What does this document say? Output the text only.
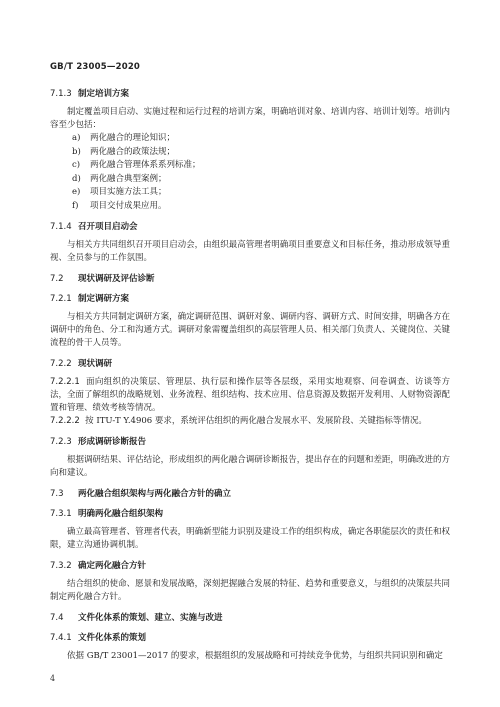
GB/T 23005—2020

7.1.3 制定培训方案

制定覆盖项目启动、实施过程和运行过程的培训方案，明确培训对象、培训内容、培训计划等。培训内容至少包括：

a) 两化融合的理论知识；
b) 两化融合的政策法规；
c) 两化融合管理体系系列标准；
d) 两化融合典型案例；
e) 项目实施方法工具；
f) 项目交付成果应用。

7.1.4 召开项目启动会

与相关方共同组织召开项目启动会，由组织最高管理者明确项目重要意义和目标任务，推动形成领导重视、全员参与的工作氛围。

7.2 现状调研及评估诊断

7.2.1 制定调研方案

与相关方共同制定调研方案，确定调研范围、调研对象、调研内容、调研方式、时间安排，明确各方在调研中的角色、分工和沟通方式。调研对象需覆盖组织的高层管理人员、相关部门负责人、关键岗位、关键流程的骨干人员等。

7.2.2 现状调研

7.2.2.1 面向组织的决策层、管理层、执行层和操作层等各层级，采用实地观察、问卷调查、访谈等方法，全面了解组织的战略规划、业务流程、组织结构、技术应用、信息资源及数据开发利用、人财物资源配置和管理、绩效考核等情况。

7.2.2.2 按 ITU-T Y.4906 要求，系统评估组织的两化融合发展水平、发展阶段、关键指标等情况。

7.2.3 形成调研诊断报告

根据调研结果、评估结论，形成组织的两化融合调研诊断报告，提出存在的问题和差距，明确改进的方向和建议。

7.3 两化融合组织架构与两化融合方针的确立

7.3.1 明确两化融合组织架构

确立最高管理者、管理者代表，明确新型能力识别及建设工作的组织构成，确定各职能层次的责任和权限，建立沟通协调机制。

7.3.2 确定两化融合方针

结合组织的使命、愿景和发展战略，深刻把握融合发展的特征、趋势和重要意义，与组织的决策层共同制定两化融合方针。

7.4 文件化体系的策划、建立、实施与改进

7.4.1 文件化体系的策划

依据 GB/T 23001—2017 的要求，根据组织的发展战略和可持续竞争优势，与组织共同识别和确定

4
